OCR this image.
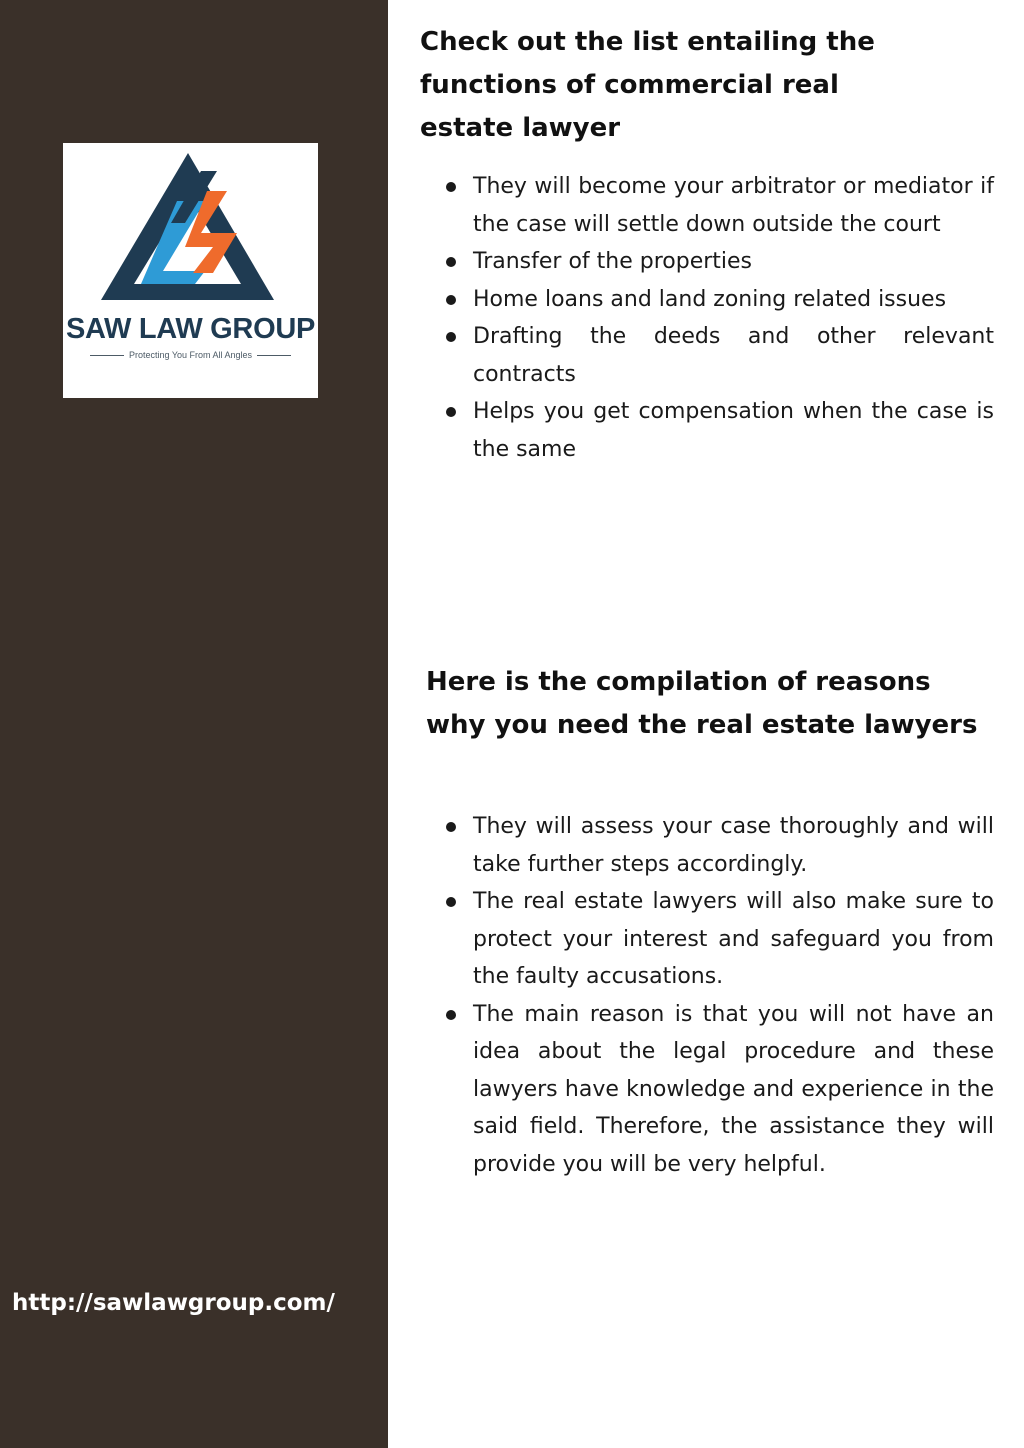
SAW LAW GROUP
Protecting You From All Angles
http://sawlawgroup.com/
Check out the list entailing the functions of commercial real estate lawyer
They will become your arbitrator or mediator if the case will settle down outside the court
Transfer of the properties
Home loans and land zoning related issues
Drafting the deeds and other relevant contracts
Helps you get compensation when the case is the same
Here is the compilation of reasons why you need the real estate lawyers
They will assess your case thoroughly and will take further steps accordingly.
The real estate lawyers will also make sure to protect your interest and safeguard you from the faulty accusations.
The main reason is that you will not have an idea about the legal procedure and these lawyers have knowledge and experience in the said field. Therefore, the assistance they will provide you will be very helpful.
